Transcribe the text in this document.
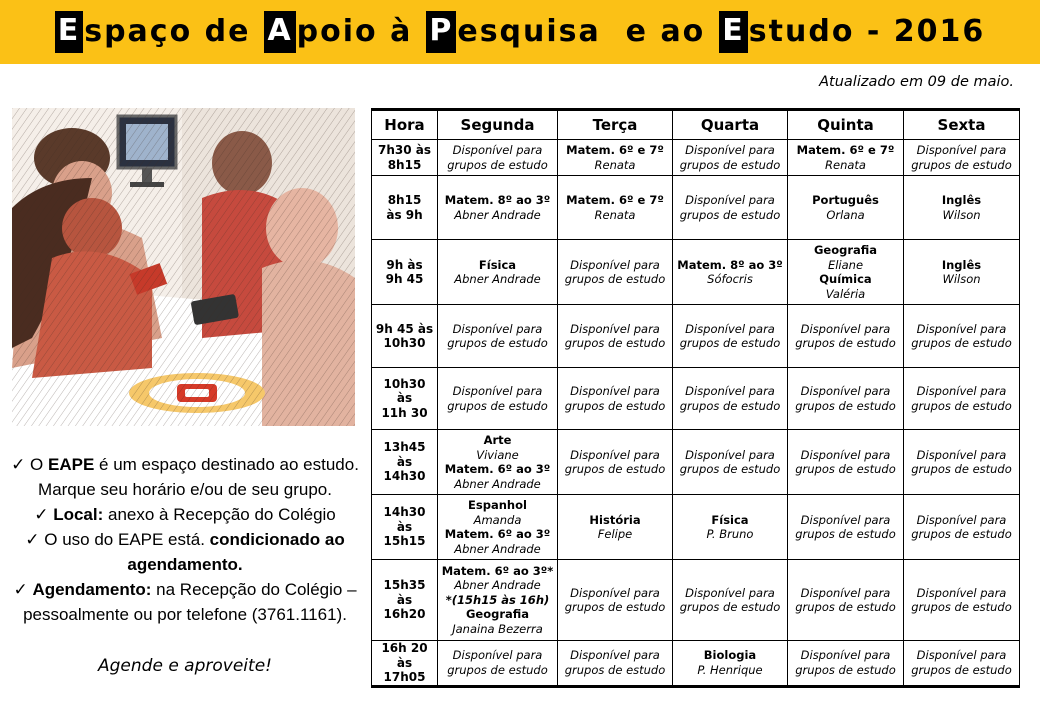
E spaço de A poio à P esquisa  e ao E studo - 2016
Atualizado em 09 de maio.
✓ O EAPE é um espaço destinado ao estudo.
Marque seu horário e/ou de seu grupo.
✓ Local: anexo à Recepção do Colégio
✓ O uso do EAPE está. condicionado ao
agendamento.
✓ Agendamento: na Recepção do Colégio –
pessoalmente ou por telefone (3761.1161).
Agende e aproveite!
Hora	Segunda	Terça	Quarta	Quinta	Sexta

7h30 às
8h15	Disponível para
grupos de estudo	Matem. 6º e 7º
Renata	Disponível para
grupos de estudo	Matem. 6º e 7º
Renata	Disponível para
grupos de estudo

8h15
às 9h	Matem. 8º ao 3º
Abner Andrade	Matem. 6º e 7º
Renata	Disponível para
grupos de estudo	Português
Orlana	Inglês
Wilson

9h às
9h 45	Física
Abner Andrade	Disponível para
grupos de estudo	Matem. 8º ao 3º
Sófocris	Geografia
Eliane
Química
Valéria	Inglês
Wilson

9h 45 às
10h30	Disponível para
grupos de estudo	Disponível para
grupos de estudo	Disponível para
grupos de estudo	Disponível para
grupos de estudo	Disponível para
grupos de estudo

10h30 às
11h 30	Disponível para
grupos de estudo	Disponível para
grupos de estudo	Disponível para
grupos de estudo	Disponível para
grupos de estudo	Disponível para
grupos de estudo

13h45 às
14h30	Arte
Viviane
Matem. 6º ao 3º
Abner Andrade	Disponível para
grupos de estudo	Disponível para
grupos de estudo	Disponível para
grupos de estudo	Disponível para
grupos de estudo

14h30 às
15h15	Espanhol
Amanda
Matem. 6º ao 3º
Abner Andrade	História
Felipe	Física
P. Bruno	Disponível para
grupos de estudo	Disponível para
grupos de estudo

15h35 às
16h20	Matem. 6º ao 3º*
Abner Andrade
*(15h15 às 16h)
Geografia
Janaina Bezerra	Disponível para
grupos de estudo	Disponível para
grupos de estudo	Disponível para
grupos de estudo	Disponível para
grupos de estudo

16h 20
às 17h05	Disponível para
grupos de estudo	Disponível para
grupos de estudo	Biologia
P. Henrique	Disponível para
grupos de estudo	Disponível para
grupos de estudo
